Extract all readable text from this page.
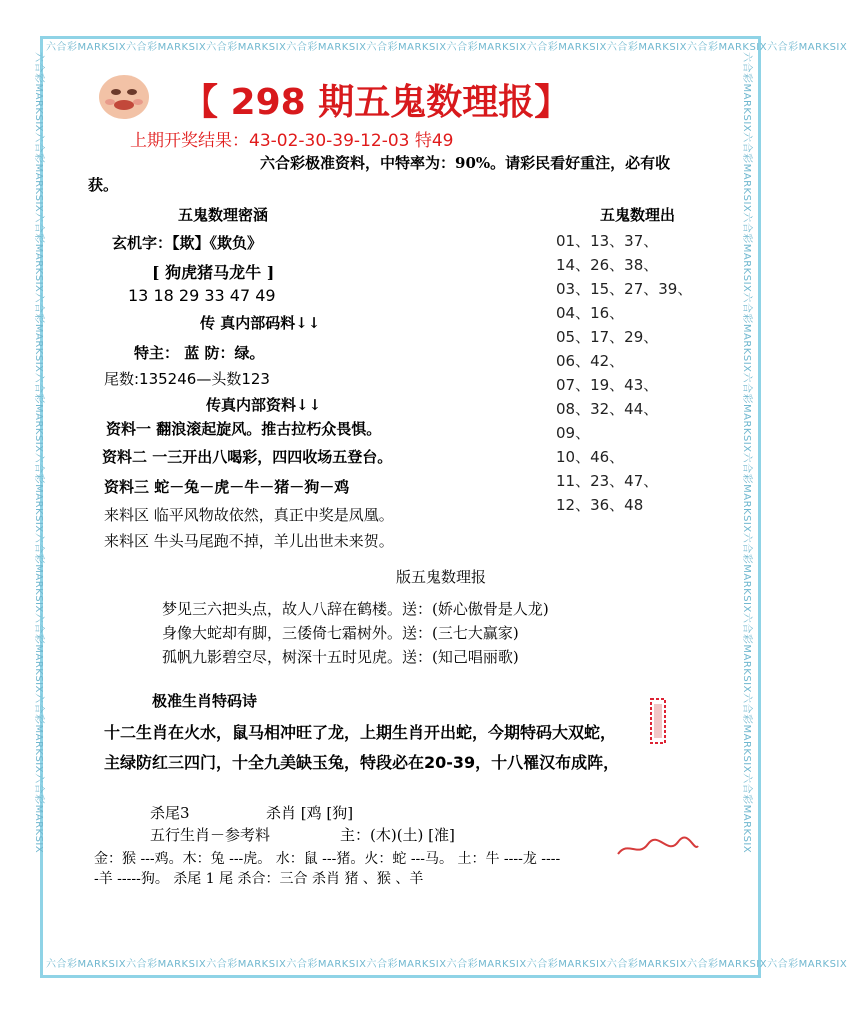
六合彩MARKSIX六合彩MARKSIX六合彩MARKSIX六合彩MARKSIX六合彩MARKSIX六合彩MARKSIX六合彩MARKSIX六合彩MARKSIX六合彩MARKSIX六合彩MARKSIX
六合彩MARKSIX六合彩MARKSIX六合彩MARKSIX六合彩MARKSIX六合彩MARKSIX六合彩MARKSIX六合彩MARKSIX六合彩MARKSIX六合彩MARKSIX六合彩MARKSIX
六合彩MARKSIX六合彩MARKSIX六合彩MARKSIX六合彩MARKSIX六合彩MARKSIX六合彩MARKSIX六合彩MARKSIX六合彩MARKSIX六合彩MARKSIX六合彩MARKSIX	六合彩MARKSIX六合彩MARKSIX六合彩MARKSIX六合彩MARKSIX六合彩MARKSIX六合彩MARKSIX六合彩MARKSIX六合彩MARKSIX六合彩MARKSIX六合彩MARKSIX
【 298 期五鬼数理报】
上期开奖结果：43-02-30-39-12-03 特49
六合彩极准资料，中特率为：90%。请彩民看好重注，必有收
获。
五鬼数理密涵
玄机字：【欺】《欺负》
[ 狗虎猪马龙牛 ]
13 18 29 33 47 49
传 真内部码料↓↓
特主： 蓝 防：绿。
尾数:135246—头数123
传真内部资料↓↓
资料一 翻浪滚起旋风。推古拉朽众畏惧。
资料二 一三开出八喝彩，四四收场五登台。
资料三 蛇－兔－虎－牛－猪－狗－鸡
来料区 临平风物故依然，真正中奖是凤凰。
来料区 牛头马尾跑不掉，羊儿出世未来贺。
五鬼数理出
01、13、37、
14、26、38、
03、15、27、39、
04、16、
05、17、29、
06、42、
07、19、43、
08、32、44、
09、
10、46、
11、23、47、
12、36、48
版五鬼数理报
梦见三六把头点，故人八辞在鹤楼。送：(娇心傲骨是人龙)
身像大蛇却有脚，三倭倚七霜树外。送：(三七大赢家)
孤帆九影碧空尽，树深十五时见虎。送：(知己唱丽歌)
极准生肖特码诗
十二生肖在火水，鼠马相冲旺了龙，上期生肖开出蛇，今期特码大双蛇，
主绿防红三四门，十全九美缺玉兔，特段必在20-39，十八罹汉布成阵，
杀尾3	杀肖 [鸡 [狗]
五行生肖－参考料	主：(木)(土) [准]
金：猴 ---鸡。木：兔 ---虎。 水：鼠 ---猪。火：蛇 ---马。 土：牛 ----龙 ----
-羊 -----狗。 杀尾 1 尾 杀合：三合 杀肖 猪 、猴 、羊
